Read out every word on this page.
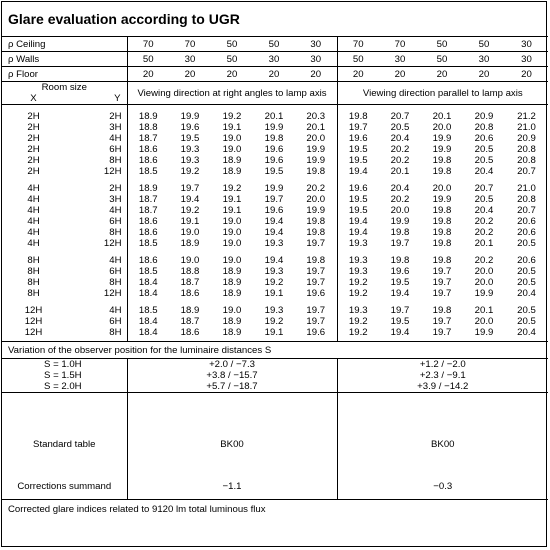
Glare evaluation according to UGR
ρ Ceiling		70	70	50	50	30	70	70	50	50	30
ρ Walls		50	30	50	30	30	50	30	50	30	30
ρ Floor		20	20	20	20	20	20	20	20	20	20
Room size		Viewing direction at right angles to lamp axis					Viewing direction parallel to lamp axis				
X	Y										

2H	2H	18.9	19.9	19.2	20.1	20.3	19.8	20.7	20.1	20.9	21.2
2H	3H	18.8	19.6	19.1	19.9	20.1	19.7	20.5	20.0	20.8	21.0
2H	4H	18.7	19.5	19.0	19.8	20.0	19.6	20.4	19.9	20.6	20.9
2H	6H	18.6	19.3	19.0	19.6	19.9	19.5	20.2	19.9	20.5	20.8
2H	8H	18.6	19.3	18.9	19.6	19.9	19.5	20.2	19.8	20.5	20.8
2H	12H	18.5	19.2	18.9	19.5	19.8	19.4	20.1	19.8	20.4	20.7

4H	2H	18.9	19.7	19.2	19.9	20.2	19.6	20.4	20.0	20.7	21.0
4H	3H	18.7	19.4	19.1	19.7	20.0	19.5	20.2	19.9	20.5	20.8
4H	4H	18.7	19.2	19.1	19.6	19.9	19.5	20.0	19.8	20.4	20.7
4H	6H	18.6	19.1	19.0	19.4	19.8	19.4	19.9	19.8	20.2	20.6
4H	8H	18.6	19.0	19.0	19.4	19.8	19.4	19.8	19.8	20.2	20.6
4H	12H	18.5	18.9	19.0	19.3	19.7	19.3	19.7	19.8	20.1	20.5

8H	4H	18.6	19.0	19.0	19.4	19.8	19.3	19.8	19.8	20.2	20.6
8H	6H	18.5	18.8	18.9	19.3	19.7	19.3	19.6	19.7	20.0	20.5
8H	8H	18.4	18.7	18.9	19.2	19.7	19.2	19.5	19.7	20.0	20.5
8H	12H	18.4	18.6	18.9	19.1	19.6	19.2	19.4	19.7	19.9	20.4

12H	4H	18.5	18.9	19.0	19.3	19.7	19.3	19.7	19.8	20.1	20.5
12H	6H	18.4	18.7	18.9	19.2	19.7	19.2	19.5	19.7	20.0	20.5
12H	8H	18.4	18.6	18.9	19.1	19.6	19.2	19.4	19.7	19.9	20.4

Variation of the observer position for the luminaire distances S											
S = 1.0H		+2.0 / −7.3					+1.2 / −2.0				
S = 1.5H		+3.8 / −15.7					+2.3 / −9.1				
S = 2.0H		+5.7 / −18.7					+3.9 / −14.2				
Standard table		BK00					BK00				
Corrections summand		−1.1					−0.3				
Corrected glare indices related to 9120 lm total luminous flux											
